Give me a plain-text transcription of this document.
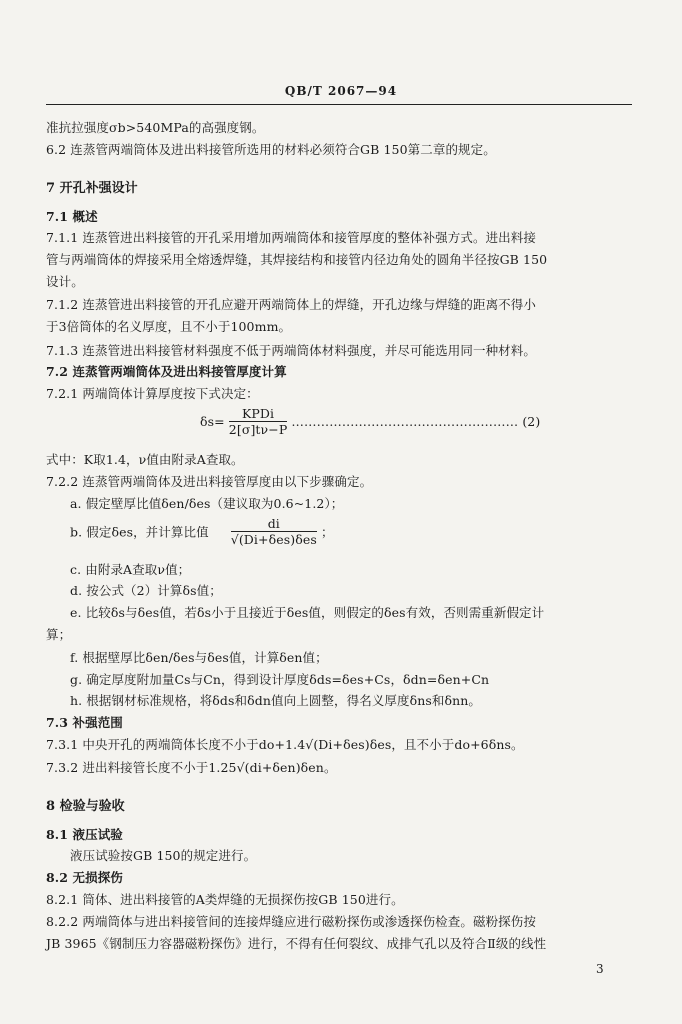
QB/T 2067—94
准抗拉强度σb>540MPa的高强度钢。
6.2 连蒸管两端筒体及进出料接管所选用的材料必须符合GB 150第二章的规定。
7 开孔补强设计
7.1 概述
7.1.1 连蒸管进出料接管的开孔采用增加两端筒体和接管厚度的整体补强方式。进出料接
管与两端筒体的焊接采用全熔透焊缝，其焊接结构和接管内径边角处的圆角半径按GB 150
设计。
7.1.2 连蒸管进出料接管的开孔应避开两端筒体上的焊缝，开孔边缘与焊缝的距离不得小
于3倍筒体的名义厚度，且不小于100mm。
7.1.3 连蒸管进出料接管材料强度不低于两端筒体材料强度，并尽可能选用同一种材料。
7.2 连蒸管两端筒体及进出料接管厚度计算
7.2.1 两端筒体计算厚度按下式决定：
$\delta s= \frac{\text{KPDi}}{2[\sigma]t\nu-P}$ ……………………………………………… (2)
式中：K取1.4，ν值由附录A查取。
7.2.2 连蒸管两端筒体及进出料接管厚度由以下步骤确定。
a. 假定壁厚比值δen/δes（建议取为0.6~1.2）；
b. 假定δes，并计算比值 $\frac{di}{\text{√(Di+δes)δes}}$ ；
c. 由附录A查取ν值；
d. 按公式（2）计算δs值；
e. 比较δs与δes值，若δs小于且接近于δes值，则假定的δes有效，否则需重新假定计
算；
f. 根据壁厚比δen/δes与δes值，计算δen值；
g. 确定厚度附加量Cs与Cn，得到设计厚度δds=δes+Cs，δdn=δen+Cn
h. 根据钢材标准规格，将δds和δdn值向上圆整，得名义厚度δns和δnn。
7.3 补强范围
7.3.1 中央开孔的两端筒体长度不小于do+1.4√(Di+δes)δes，且不小于do+6δns。
7.3.2 进出料接管长度不小于1.25√(di+δen)δen。
8 检验与验收
8.1 液压试验
液压试验按GB 150的规定进行。
8.2 无损探伤
8.2.1 筒体、进出料接管的A类焊缝的无损探伤按GB 150进行。
8.2.2 两端筒体与进出料接管间的连接焊缝应进行磁粉探伤或渗透探伤检查。磁粉探伤按
JB 3965《钢制压力容器磁粉探伤》进行，不得有任何裂纹、成排气孔以及符合Ⅱ级的线性
3
